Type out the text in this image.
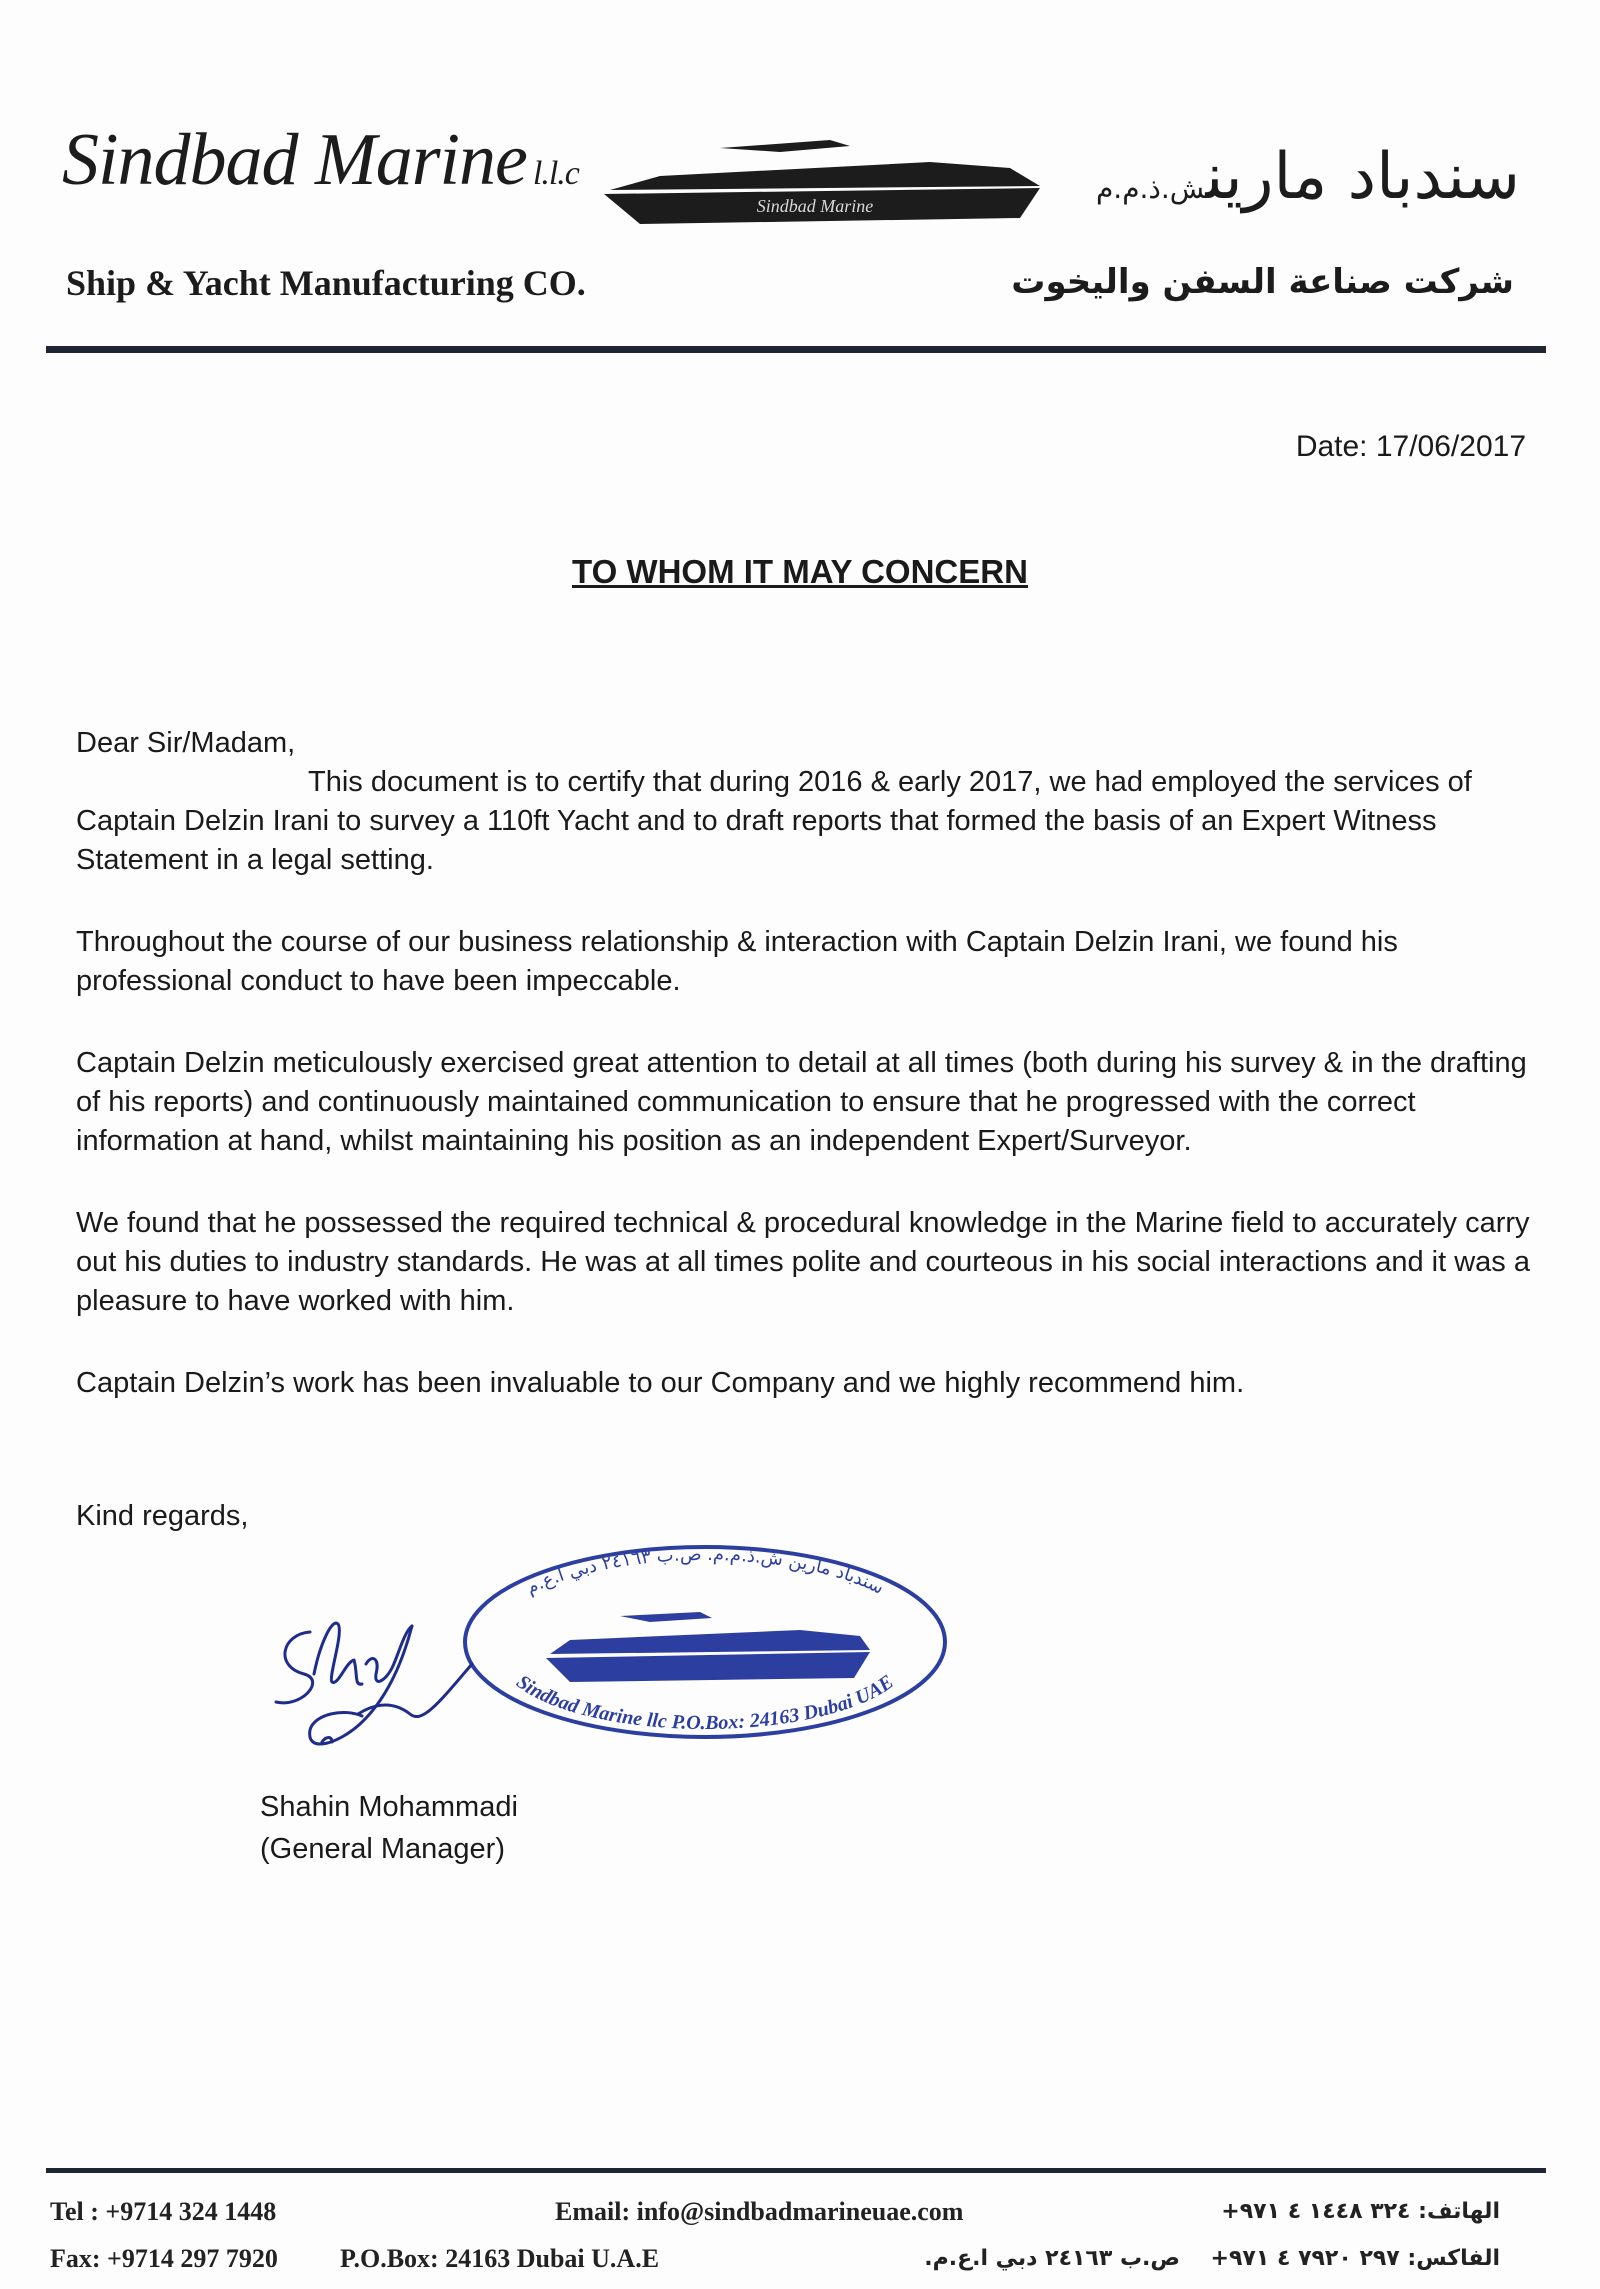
Sindbad Marine l.l.c
Sindbad Marine	سندباد مارينش.ذ.م.م
Ship & Yacht Manufacturing CO.	شركت صناعة السفن واليخوت
Date: 17/06/2017
TO WHOM IT MAY CONCERN
Dear Sir/Madam,

This document is to certify that during 2016 & early 2017, we had employed the services of Captain Delzin Irani to survey a 110ft Yacht and to draft reports that formed the basis of an Expert Witness Statement in a legal setting.

Throughout the course of our business relationship & interaction with Captain Delzin Irani, we found his professional conduct to have been impeccable.

Captain Delzin meticulously exercised great attention to detail at all times (both during his survey & in the drafting of his reports) and continuously maintained communication to ensure that he progressed with the correct information at hand, whilst maintaining his position as an independent Expert/Surveyor.

We found that he possessed the required technical & procedural knowledge in the Marine field to accurately carry out his duties to industry standards. He was at all times polite and courteous in his social interactions and it was a pleasure to have worked with him.

Captain Delzin’s work has been invaluable to our Company and we highly recommend him.

Kind regards,
سندباد مارين ش.ذ.م.م. ص.ب ٢٤١٦٣ دبي ا.ع.م
Sindbad Marine llc P.O.Box: 24163 Dubai UAE
Shahin Mohammadi
(General Manager)
Tel : +9714 324 1448
Fax: +9714 297 7920
Email: info@sindbadmarineuae.com
P.O.Box: 24163 Dubai U.A.E
الهاتف: ٣٢٤ ١٤٤٨ ٤ ٩٧١+
الفاكس: ٢٩٧ ٧٩٢٠ ٤ ٩٧١+
ص.ب ٢٤١٦٣ دبي ا.ع.م.
